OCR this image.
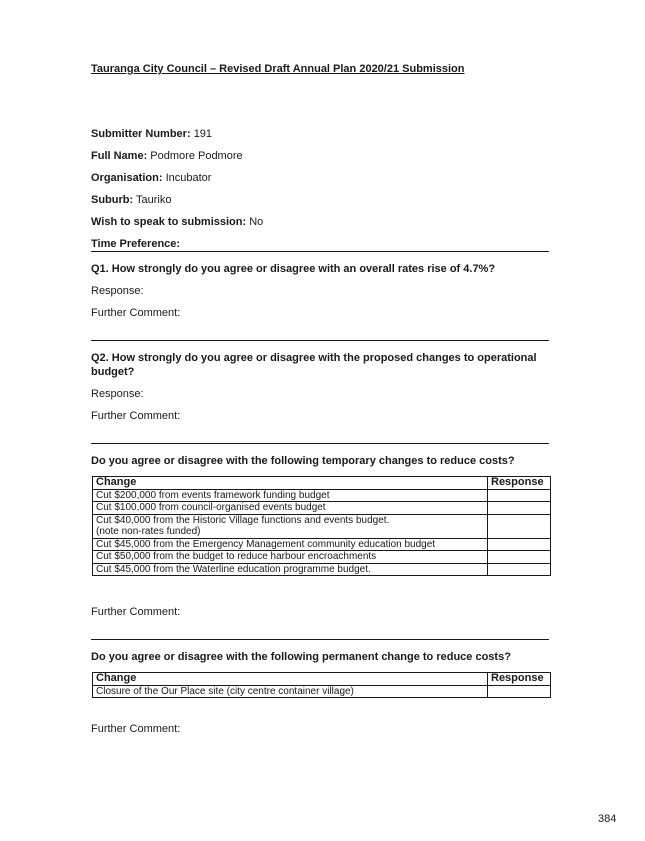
Tauranga City Council – Revised Draft Annual Plan 2020/21 Submission
Submitter Number: 191
Full Name: Podmore Podmore
Organisation: Incubator
Suburb: Tauriko
Wish to speak to submission: No
Time Preference:
Q1. How strongly do you agree or disagree with an overall rates rise of 4.7%?
Response:
Further Comment:
Q2. How strongly do you agree or disagree with the proposed changes to operational budget?
Response:
Further Comment:
Do you agree or disagree with the following temporary changes to reduce costs?
Change	Response
Cut $200,000 from events framework funding budget	
Cut $100,000 from council-organised events budget	

Cut $40,000 from the Historic Village functions and events budget.
(note non-rates funded)	

Cut $45,000 from the Emergency Management community education budget	
Cut $50,000 from the budget to reduce harbour encroachments	
Cut $45,000 from the Waterline education programme budget.	
Further Comment:
Do you agree or disagree with the following permanent change to reduce costs?
Change	Response
Closure of the Our Place site (city centre container village)	
Further Comment:
384
